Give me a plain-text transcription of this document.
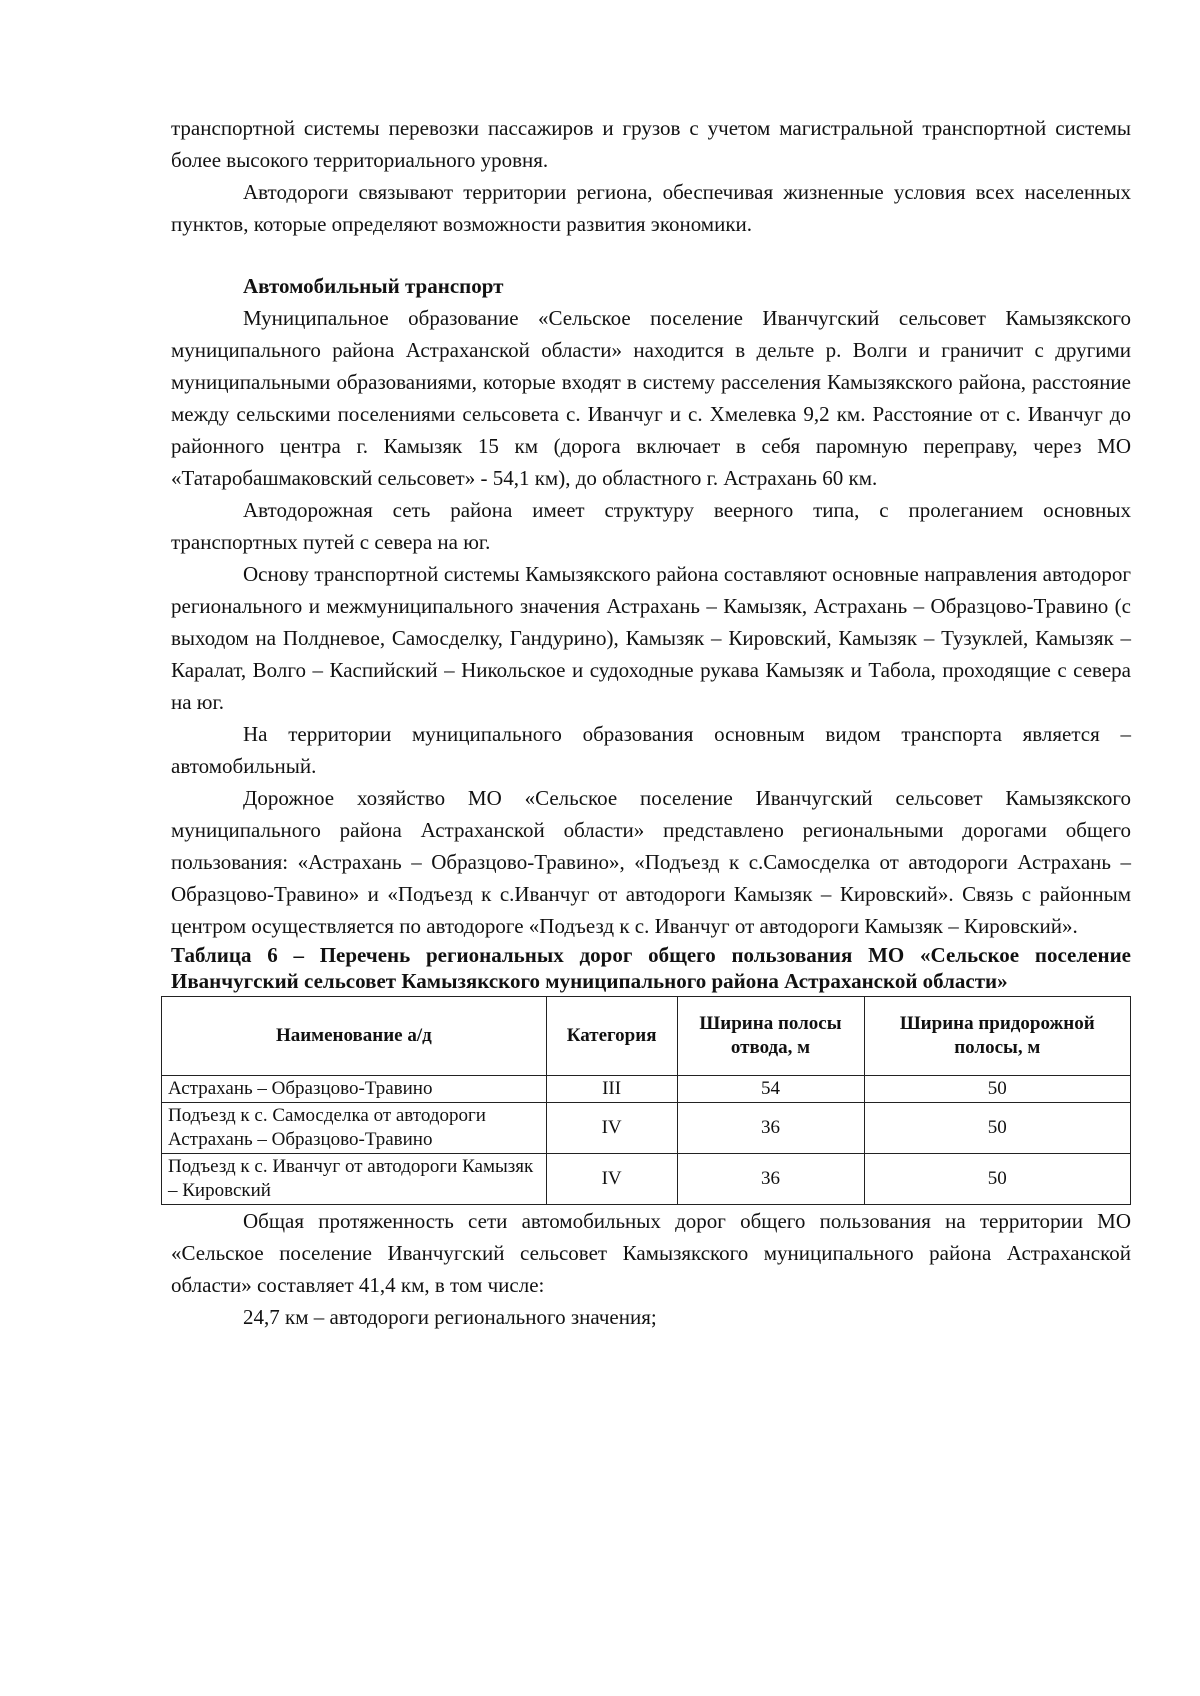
транспортной системы перевозки пассажиров и грузов с учетом магистральной транспортной системы более высокого территориального уровня.

Автодороги связывают территории региона, обеспечивая жизненные условия всех населенных пунктов, которые определяют возможности развития экономики.

Автомобильный транспорт

Муниципальное образование «Сельское поселение Иванчугский сельсовет Камызякского муниципального района Астраханской области» находится в дельте р. Волги и граничит с другими муниципальными образованиями, которые входят в систему расселения Камызякского района, расстояние между сельскими поселениями сельсовета с. Иванчуг и с. Хмелевка 9,2 км. Расстояние от с. Иванчуг до районного центра г. Камызяк 15 км (дорога включает в себя паромную переправу, через МО «Татаробашмаковский сельсовет» - 54,1 км), до областного г. Астрахань 60 км.

Автодорожная сеть района имеет структуру веерного типа, с пролеганием основных транспортных путей с севера на юг.

Основу транспортной системы Камызякского района составляют основные направления автодорог регионального и межмуниципального значения Астрахань – Камызяк, Астрахань – Образцово-Травино (с выходом на Полдневое, Самосделку, Гандурино), Камызяк – Кировский, Камызяк – Тузуклей, Камызяк – Каралат, Волго – Каспийский – Никольское и судоходные рукава Камызяк и Табола, проходящие с севера на юг.

На территории муниципального образования основным видом транспорта является – автомобильный.

Дорожное хозяйство МО «Сельское поселение Иванчугский сельсовет Камызякского муниципального района Астраханской области» представлено региональными дорогами общего пользования: «Астрахань – Образцово-Травино», «Подъезд к с.Самосделка от автодороги Астрахань – Образцово-Травино» и «Подъезд к с.Иванчуг от автодороги Камызяк – Кировский». Связь с районным центром осуществляется по автодороге «Подъезд к с. Иванчуг от автодороги Камызяк – Кировский».

Таблица 6 – Перечень региональных дорог общего пользования МО «Сельское поселение Иванчугский сельсовет Камызякского муниципального района Астраханской области»

Наименование а/д	Категория	Ширина полосы отвода, м	Ширина придорожной полосы, м
Астрахань – Образцово-Травино	III	54	50
Подъезд к с. Самосделка от автодороги Астрахань – Образцово-Травино	IV	36	50
Подъезд к с. Иванчуг от автодороги Камызяк – Кировский	IV	36	50

Общая протяженность сети автомобильных дорог общего пользования на территории МО «Сельское поселение Иванчугский сельсовет Камызякского муниципального района Астраханской области» составляет 41,4 км, в том числе:

24,7 км – автодороги регионального значения;
